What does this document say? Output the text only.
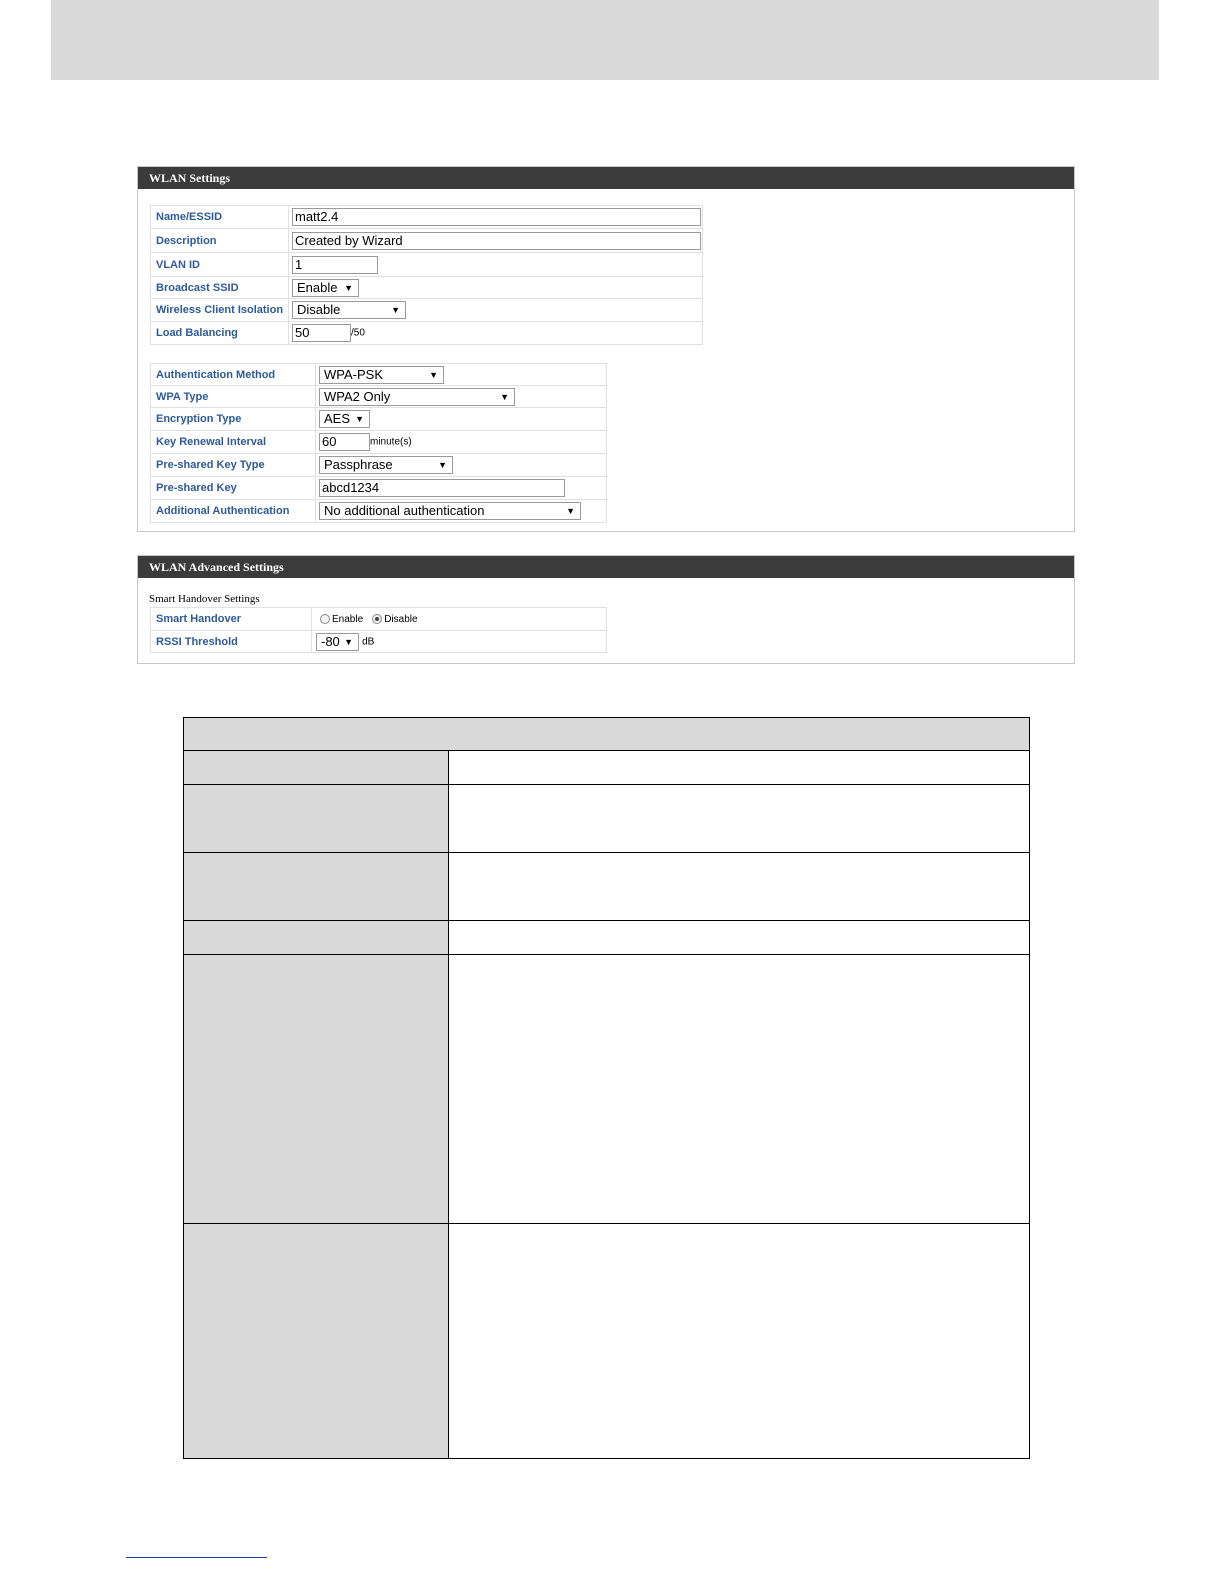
WLAN Settings
Name/ESSID	matt2.4
Description	Created by Wizard
VLAN ID	1
Broadcast SSID	Enable ▼

Wireless Client Isolation	Disable ▼

Load Balancing	50 /50
Authentication Method	WPA-PSK ▼

WPA Type	WPA2 Only ▼

Encryption Type	AES ▼

Key Renewal Interval	60 minute(s)
Pre-shared Key Type	Passphrase ▼

Pre-shared Key	abcd1234
Additional Authentication	No additional authentication ▼
WLAN Advanced Settings
Smart Handover Settings
Smart Handover	Enable Disable
RSSI Threshold	-80 ▼ dB
